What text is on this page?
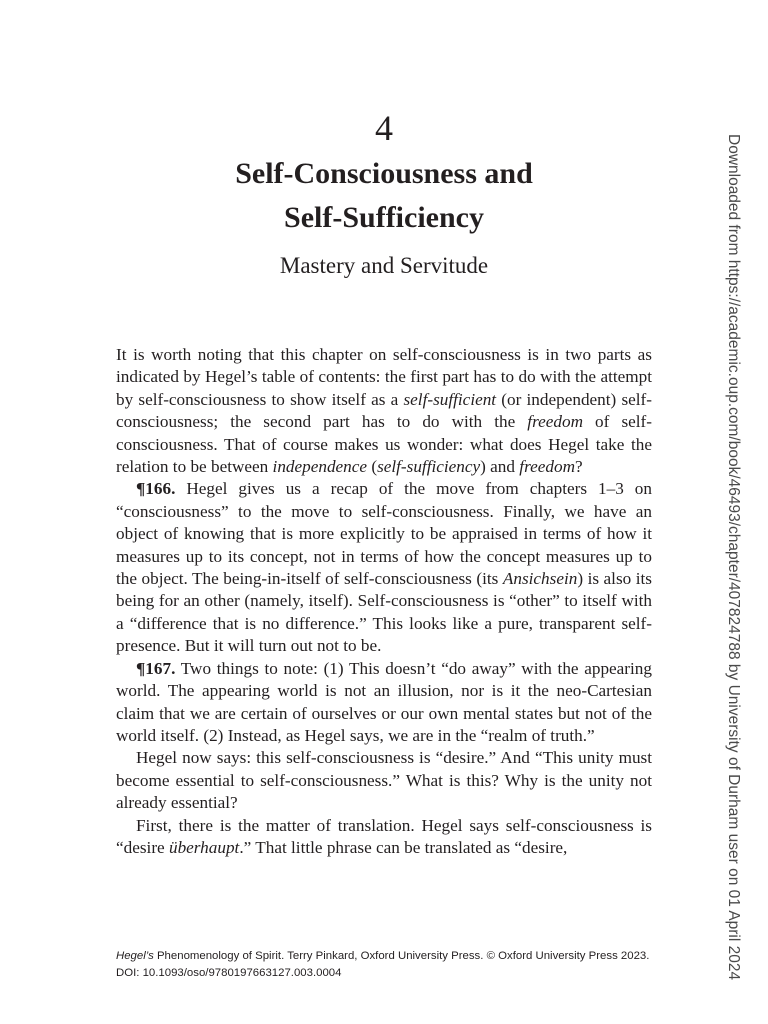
4
Self-Consciousness and
Self-Sufficiency
Mastery and Servitude

It is worth noting that this chapter on self-consciousness is in two parts as indicated by Hegel’s table of contents: the first part has to do with the attempt by self-consciousness to show itself as a self-sufficient (or independent) self-consciousness; the second part has to do with the freedom of self-consciousness. That of course makes us wonder: what does Hegel take the relation to be between independence (self-sufficiency) and freedom?

¶166. Hegel gives us a recap of the move from chapters 1–3 on “consciousness” to the move to self-consciousness. Finally, we have an object of knowing that is more explicitly to be appraised in terms of how it measures up to its concept, not in terms of how the concept measures up to the object. The being-in-itself of self-consciousness (its Ansichsein) is also its being for an other (namely, itself). Self-consciousness is “other” to itself with a “difference that is no difference.” This looks like a pure, transparent self-presence. But it will turn out not to be.

¶167. Two things to note: (1) This doesn’t “do away” with the appearing world. The appearing world is not an illusion, nor is it the neo-Cartesian claim that we are certain of ourselves or our own mental states but not of the world itself. (2) Instead, as Hegel says, we are in the “realm of truth.”

Hegel now says: this self-consciousness is “desire.” And “This unity must become essential to self-consciousness.” What is this? Why is the unity not already essential?

First, there is the matter of translation. Hegel says self-consciousness is “desire überhaupt.” That little phrase can be translated as “desire,

Hegel’s Phenomenology of Spirit. Terry Pinkard, Oxford University Press. © Oxford University Press 2023.
DOI: 10.1093/oso/9780197663127.003.0004	Downloaded from https://academic.oup.com/book/46493/chapter/407824788 by University of Durham user on 01 April 2024
